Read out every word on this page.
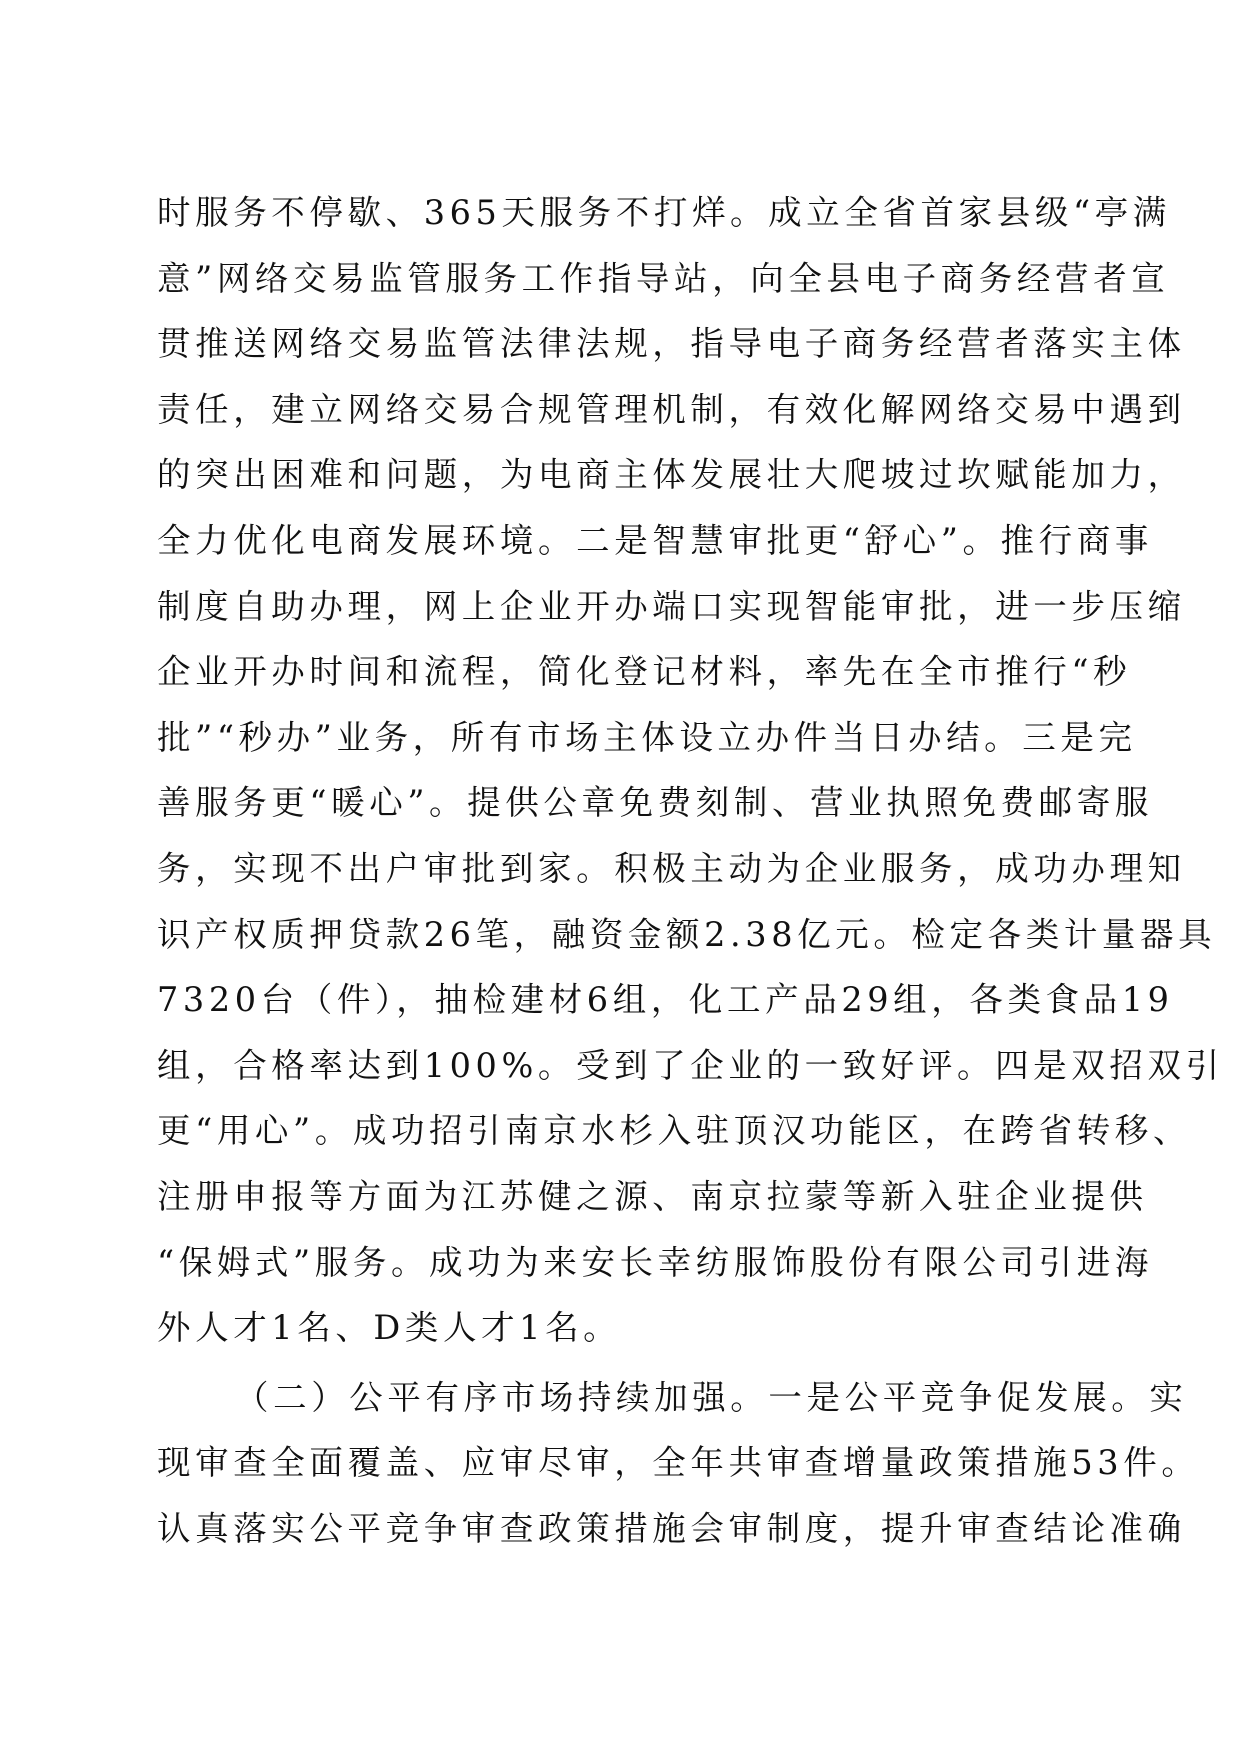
时服务不停歇、365天服务不打烊。成立全省首家县级“亭满
意”网络交易监管服务工作指导站，向全县电子商务经营者宣
贯推送网络交易监管法律法规，指导电子商务经营者落实主体
责任，建立网络交易合规管理机制，有效化解网络交易中遇到
的突出困难和问题，为电商主体发展壮大爬坡过坎赋能加力，
全力优化电商发展环境。二是智慧审批更“舒心”。推行商事
制度自助办理，网上企业开办端口实现智能审批，进一步压缩
企业开办时间和流程，简化登记材料，率先在全市推行“秒
批”“秒办”业务，所有市场主体设立办件当日办结。三是完
善服务更“暖心”。提供公章免费刻制、营业执照免费邮寄服
务，实现不出户审批到家。积极主动为企业服务，成功办理知
识产权质押贷款26笔，融资金额2.38亿元。检定各类计量器具
7320台（件），抽检建材6组，化工产品29组，各类食品19
组，合格率达到100%。受到了企业的一致好评。四是双招双引
更“用心”。成功招引南京水杉入驻顶汉功能区，在跨省转移、
注册申报等方面为江苏健之源、南京拉蒙等新入驻企业提供
“保姆式”服务。成功为来安长幸纺服饰股份有限公司引进海
外人才1名、D类人才1名。
（二）公平有序市场持续加强。一是公平竞争促发展。实
现审查全面覆盖、应审尽审，全年共审查增量政策措施53件。
认真落实公平竞争审查政策措施会审制度，提升审查结论准确
